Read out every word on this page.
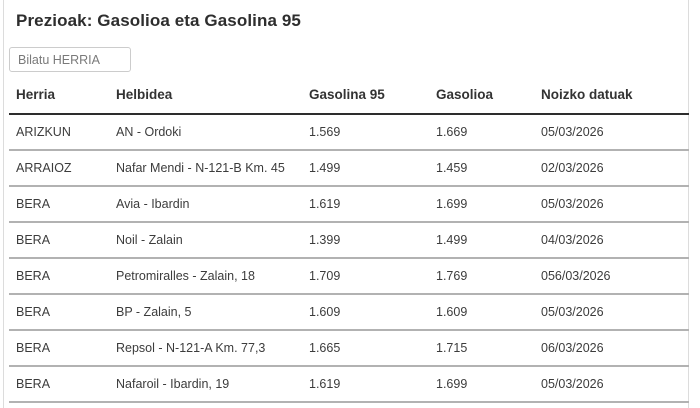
Prezioak: Gasolioa eta Gasolina 95
Bilatu HERRIA
Herria	Helbidea	Gasolina 95	Gasolioa	Noizko datuak
ARIZKUN	AN - Ordoki	1.569	1.669	05/03/2026
ARRAIOZ	Nafar Mendi - N-121-B Km. 45	1.499	1.459	02/03/2026
BERA	Avia - Ibardin	1.619	1.699	05/03/2026
BERA	Noil - Zalain	1.399	1.499	04/03/2026
BERA	Petromiralles - Zalain, 18	1.709	1.769	056/03/2026
BERA	BP - Zalain, 5	1.609	1.609	05/03/2026
BERA	Repsol - N-121-A Km. 77,3	1.665	1.715	06/03/2026
BERA	Nafaroil - Ibardin, 19	1.619	1.699	05/03/2026
